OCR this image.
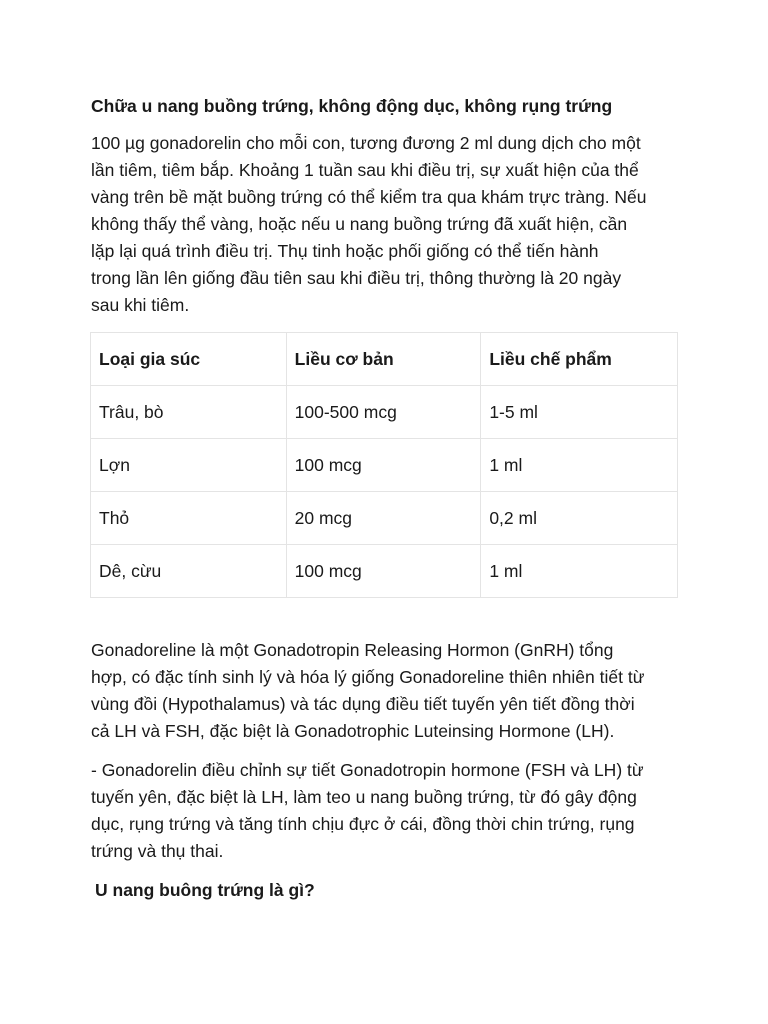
Chữa u nang buồng trứng, không động dục, không rụng trứng

100 µg gonadorelin cho mỗi con, tương đương 2 ml dung dịch cho một
lần tiêm, tiêm bắp. Khoảng 1 tuần sau khi điều trị, sự xuất hiện của thể
vàng trên bề mặt buồng trứng có thể kiểm tra qua khám trực tràng. Nếu
không thấy thể vàng, hoặc nếu u nang buồng trứng đã xuất hiện, cần
lặp lại quá trình điều trị. Thụ tinh hoặc phối giống có thể tiến hành
trong lần lên giống đầu tiên sau khi điều trị, thông thường là 20 ngày
sau khi tiêm.

Loại gia súc	Liều cơ bản	Liều chế phẩm
Trâu, bò	100-500 mcg	1-5 ml
Lợn	100 mcg	1 ml
Thỏ	20 mcg	0,2 ml
Dê, cừu	100 mcg	1 ml

Gonadoreline là một Gonadotropin Releasing Hormon (GnRH) tổng
hợp, có đặc tính sinh lý và hóa lý giống Gonadoreline thiên nhiên tiết từ
vùng đồi (Hypothalamus) và tác dụng điều tiết tuyến yên tiết đồng thời
cả LH và FSH, đặc biệt là Gonadotrophic Luteinsing Hormone (LH).

- Gonadorelin điều chỉnh sự tiết Gonadotropin hormone (FSH và LH) từ
tuyến yên, đặc biệt là LH, làm teo u nang buồng trứng, từ đó gây động
dục, rụng trứng và tăng tính chịu đực ở cái, đồng thời chin trứng, rụng
trứng và thụ thai.

U nang buông trứng là gì?
